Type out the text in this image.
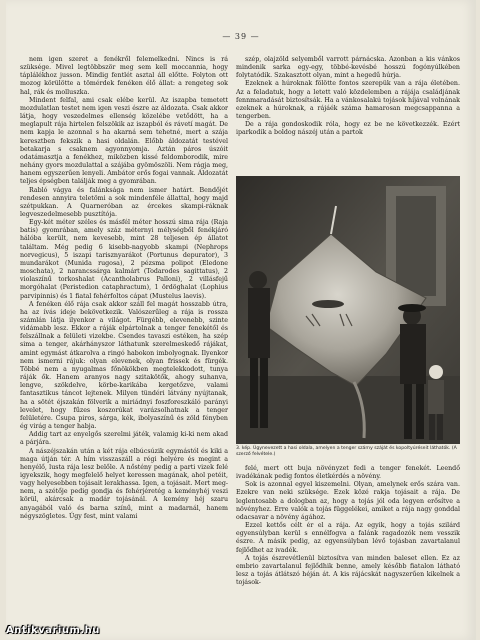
— 39 —

nem igen szeret a fenékről felemelkedni. Nincs is rá szüksége. Mivel legtöbbször meg sem kell moccannia, hogy táplálékhoz jusson. Mindig fentlét asztal áll előtte. Folyton ott mozog körülötte a tömérdek fenéken élő állat: a rengeteg sok hal, rák és molluszka.

Mindent felfal, ami csak elébe kerül. Az iszapba temetett mozdulatlan testet nem igen veszi észre az áldozata. Csak akkor látja, hogy veszedelmes ellenség közelébe vetődött, ha a meglapult rája hirtelen felszökik az iszapból és rávetí magát. De nem kapja le azonnal s ha akarná sem tehetné, mert a szája keresztben fekszik a hasi oldalán. Előbb áldozatát testével betakarja s csaknem agyonnyomja. Aztán páros úszóit odatámasztja a fenékhez, miközben kissé feldomborodik, mire nehány gyors mozdulattal a szájába gyömöszöli. Nem rágja meg, hanem egyszerűen lenyeli. Ambátor erős fogai vannak. Áldozatát teljes épségben találják meg a gyomrában.

Rabló vágya és falánksága nem ismer határt. Bendőjét rendesen annyira teletömi a sok mindenféle állattal, hogy majd szétpukkan. A Quarneróban az ércekes skampi-ráknak legveszedelmesebb pusztítója.

Egy-két méter széles és másfél méter hosszú sima rája (Raja batis) gyomrában, amely száz méternyi mélységből fenékjáró hálóba került, nem kevesebb, mint 28 teljesen ép állatot találtam. Még pedig 6 kisebb-nagyobb skampi (Nephrops norvegicus), 5 iszapi tarisznyarákot (Portunus depurator), 3 mundarákot (Munida rugosa), 2 pézsma polipot (Eledone moschata), 2 narancssárga kalmárt (Todarodes sagittatus), 2 violaszínű torkoshalat (Acantholabrus Palloni), 2 villásfejű morgóhalat (Peristedion cataphractum), 1 ördöghalat (Lophius parvipinnis) és 1 fiatal fehérfoltos cápat (Mustelus laevis).

A fenéken élő rája csak akkor száll fel magát hosszabb útra, ha az ívás ideje bekövetkezik. Valószerűleg a rája is rossza számlán látja ilyenkor a világot. Fürgébb, elevenebb, szinte vidámabb lesz. Ekkor a ráják elpártolnak a tenger fenekétől és felszállnak a felületi vizekbe. Csendes tavaszi estéken, ha szép sima a tenger, akárhányszor láthatunk szerelmeskedő rájákat, amint egymást átkarolva a ringó habokon imbolyognak. Ilyenkor nem ismerni rájuk: olyan elevenek, olyan frissek és fürgék. Többé nem a nyugalmas főnökökben megtelekkodott, tunya ráják ők. Hanem aranyos nagy szitakötők, ahogy suhanva, lengve, szökdelve, körbe-karikába kergetőzve, valami fantasztikus táncot lejtenek. Milyen tündéri látvány nyújtanak, ha a sötét éjszakán fölverik a miriádnyi foszforeszkáló parányi levelet, hogy fűzes koszorúkat varázsolhatnak a tenger felületére. Csupa piros, sárga, kék, ibolyaszínű és zöld fényben ég virág a tenger habja.

Addig tart az enyelgős szerelmi játék, valamig ki-ki nem akad a párjára.

A nászéjszakán után a két rája elbúcsúzik egymástól és kiki a maga útján tér. A hím visszaszáll a régi helyére és megint a henyélő, lusta rája lesz belőle. A nőstény pedig a parti vizek felé igyekszik, hogy megfelelő helyet keressen magának, ahol petéit, vagy helyesebben tojásait lerakhassa. Igen, a tojásait. Mert meg-nem, a szétője pedig gondja és fehérjéretég a keményhéj veszi körül, akárcsak a madár tojásánál. A kemény héj szaru anyagából való és barna színű, mint a madarnál, hanem négyszögletes. Úgy fest, mint valami

szép, olajzöld selyemből varrott párnácska. Azonban a kis vánkos mindenik sarka egy-egy, többé-kevésbé hosszú fogónyúlkében folytatódik. Szakasztott olyan, mint a hegedű húrja.

Ezeknek a húroknak fölötte fontos szerepük van a rája életében. Az a feladatuk, hogy a letett való közdelemben a rájája családjának fennmaradását biztosítsák. Ha a vánkosalakú tojások híjával volnának ezeknek a húroknak, a rájáék száma hamarosan megcsappanna a tengerben.

De a rája gondoskodik róla, hogy ez be ne következzék. Ezért iparkodik a boldog nászéj után a partok

3. kép. Úgynevezett a hasi oldala, amelyen a tenger szárny száját és kopoltyúréseit láthatók. (A szerző felvétele.)

felé, mert ott buja növényzet fedi a tenger fenekét. Leendő ivadékának pedig fontos életkérdés a növény.

Sok is azonnal egyel kiszemelni. Olyan, amelynek erős szára van. Ezekre van neki szüksége. Ezek közé rakja tojásait a rája. De leglentosabb a dologban az, hogy a tojás jól oda legyen erősítve a növényhez. Erre valók a tojás függelékei, amiket a rája nagy gonddal odacsavar a növény ágához.

Ezzel kettős célt ér el a rája. Az egyik, hogy a tojás szilárd egyensúlyban kerül s ennélfogva a falánk ragadozók nem vesszik észre. A másik pedig, az egyensúlyban lévő tojásban zavartalanul fejlődhet az ivadék.

A tojás észrevétlenül biztosítva van minden baleset ellen. Ez az embrio zavartalanul fejlődhik benne, amely később fiatalon látható lesz a tojás átlátszó héján át. A kis rájácskát nagyszerűen kikelnek a tojások-

Antikvarium.hu
